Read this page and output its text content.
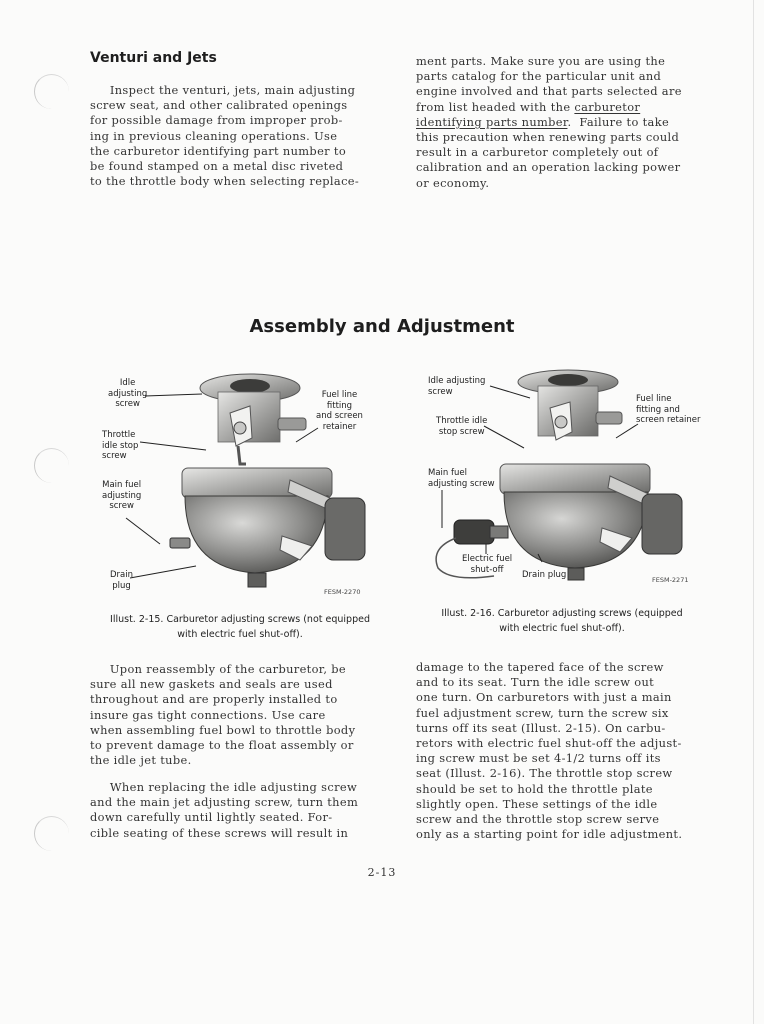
Venturi and Jets

Inspect the venturi, jets, main adjusting
screw seat, and other calibrated openings
for possible damage from improper prob-
ing in previous cleaning operations. Use
the carburetor identifying part number to
be found stamped on a metal disc riveted
to the throttle body when selecting replace-

ment parts. Make sure you are using the
parts catalog for the particular unit and
engine involved and that parts selected are
from list headed with the carburetor
identifying parts number.  Failure to take
this precaution when renewing parts could
result in a carburetor completely out of
calibration and an operation lacking power
or economy.

Assembly and Adjustment
Idle
adjusting
screw
Throttle
idle stop
screw
Main fuel
adjusting
screw
Drain
plug
Fuel line
fitting
and screen
retainer
FESM-2270

Illust. 2-15. Carburetor adjusting screws (not equipped
with electric fuel shut-off).

Idle adjusting
screw
Throttle idle
stop screw
Main fuel
adjusting screw
Electric fuel
shut-off
Drain plug
Fuel line
fitting and
screen retainer
FESM-2271

Illust. 2-16. Carburetor adjusting screws (equipped
with electric fuel shut-off).

Upon reassembly of the carburetor, be
sure all new gaskets and seals are used
throughout and are properly installed to
insure gas tight connections. Use care
when assembling fuel bowl to throttle body
to prevent damage to the float assembly or
the idle jet tube.

When replacing the idle adjusting screw
and the main jet adjusting screw, turn them
down carefully until lightly seated. For-
cible seating of these screws will result in

damage to the tapered face of the screw
and to its seat. Turn the idle screw out
one turn. On carburetors with just a main
fuel adjustment screw, turn the screw six
turns off its seat (Illust. 2-15). On carbu-
retors with electric fuel shut-off the adjust-
ing screw must be set 4-1/2 turns off its
seat (Illust. 2-16). The throttle stop screw
should be set to hold the throttle plate
slightly open. These settings of the idle
screw and the throttle stop screw serve
only as a starting point for idle adjustment.

2-13
